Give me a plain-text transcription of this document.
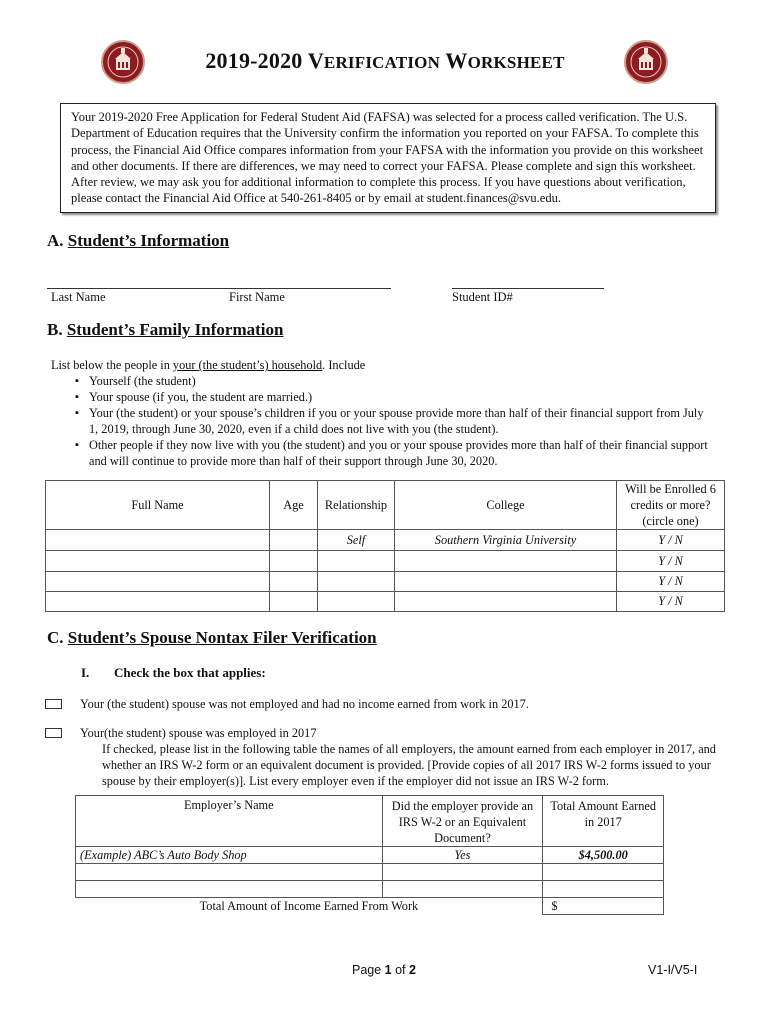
2019-2020 VERIFICATION WORKSHEET
Your 2019-2020 Free Application for Federal Student Aid (FAFSA) was selected for a process called verification. The U.S. Department of Education requires that the University confirm the information you reported on your FAFSA. To complete this process, the Financial Aid Office compares information from your FAFSA with the information you provide on this worksheet and other documents. If there are differences, we may need to correct your FAFSA. Please complete and sign this worksheet. After review, we may ask you for additional information to complete this process. If you have questions about verification, please contact the Financial Aid Office at 540-261-8405 or by email at student.finances@svu.edu.
A. Student’s Information
Last Name	First Name	Student ID#
B. Student’s Family Information
List below the people in your (the student’s) household. Include
▪ Yourself (the student)
▪ Your spouse (if you, the student are married.)
▪ Your (the student) or your spouse’s children if you or your spouse provide more than half of their financial support from July 1, 2019, through June 30, 2020, even if a child does not live with you (the student).
▪ Other people if they now live with you (the student) and you or your spouse provides more than half of their financial support and will continue to provide more than half of their support through June 30, 2020.
Full Name	Age	Relationship	College	Will be Enrolled 6 credits or more? (circle one)
		Self	Southern Virginia University	Y / N
				Y / N
				Y / N
				Y / N
C. Student’s Spouse Nontax Filer Verification
I. Check the box that applies:
Your (the student) spouse was not employed and had no income earned from work in 2017.
Your(the student) spouse was employed in 2017
If checked, please list in the following table the names of all employers, the amount earned from each employer in 2017, and whether an IRS W-2 form or an equivalent document is provided. [Provide copies of all 2017 IRS W-2 forms issued to your spouse by their employer(s)]. List every employer even if the employer did not issue an IRS W-2 form.
Employer’s Name	Did the employer provide an IRS W-2 or an Equivalent Document?	Total Amount Earned in 2017
(Example) ABC’s Auto Body Shop	Yes	$4,500.00

Total Amount of Income Earned From Work		$
Page 1 of 2	V1-I/V5-I
